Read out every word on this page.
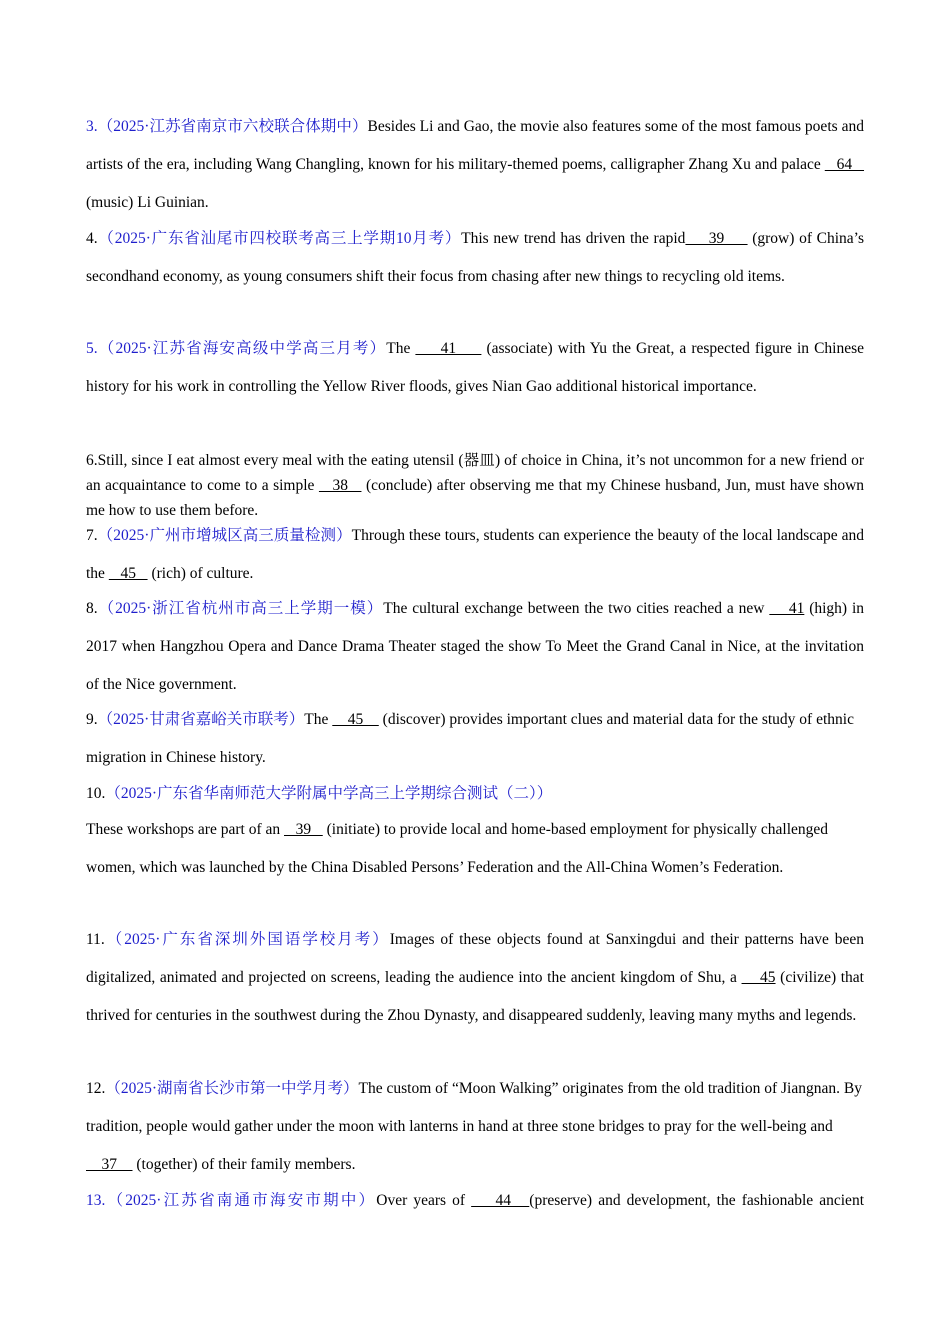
3.（2025·江苏省南京市六校联合体期中）Besides Li and Gao, the movie also features some of the most famous poets and artists of the era, including Wang Changling, known for his military-themed poems, calligrapher Zhang Xu and palace    64    (music) Li Guinian.
4.（2025·广东省汕尾市四校联考高三上学期10月考）This new trend has driven the rapid     39      (grow) of China’s secondhand economy, as young consumers shift their focus from chasing after new things to recycling old items.
5.（2025·江苏省海安高级中学高三月考）The      41      (associate) with Yu the Great, a respected figure in Chinese history for his work in controlling the Yellow River floods, gives Nian Gao additional historical importance.
6.Still, since I eat almost every meal with the eating utensil (器皿) of choice in China, it’s not uncommon for a new friend or an acquaintance to come to a simple    38    (conclude) after observing me that my Chinese husband, Jun, must have shown me how to use them before.
7.（2025·广州市增城区高三质量检测）Through these tours, students can experience the beauty of the local landscape and the    45    (rich) of culture.
8.（2025·浙江省杭州市高三上学期一模）The cultural exchange between the two cities reached a new     41 (high) in 2017 when Hangzhou Opera and Dance Drama Theater staged the show To Meet the Grand Canal in Nice, at the invitation of the Nice government.
9.（2025·甘肃省嘉峪关市联考）The     45     (discover) provides important clues and material data for the study of ethnic migration in Chinese history.
10.（2025·广东省华南师范大学附属中学高三上学期综合测试（二））
These workshops are part of an    39    (initiate) to provide local and home-based employment for physically challenged women, which was launched by the China Disabled Persons’ Federation and the All-China Women’s Federation.
11.（2025·广东省深圳外国语学校月考）Images of these objects found at Sanxingdui and their patterns have been digitalized, animated and projected on screens, leading the audience into the ancient kingdom of Shu, a     45 (civilize) that thrived for centuries in the southwest during the Zhou Dynasty, and disappeared suddenly, leaving many myths and legends.
12.（2025·湖南省长沙市第一中学月考）The custom of “Moon Walking” originates from the old tradition of Jiangnan. By tradition, people would gather under the moon with lanterns in hand at three stone bridges to pray for the well-being and     37     (together) of their family members.
13.（2025·江苏省南通市海安市期中）Over years of     44   (preserve) and development, the fashionable ancient
